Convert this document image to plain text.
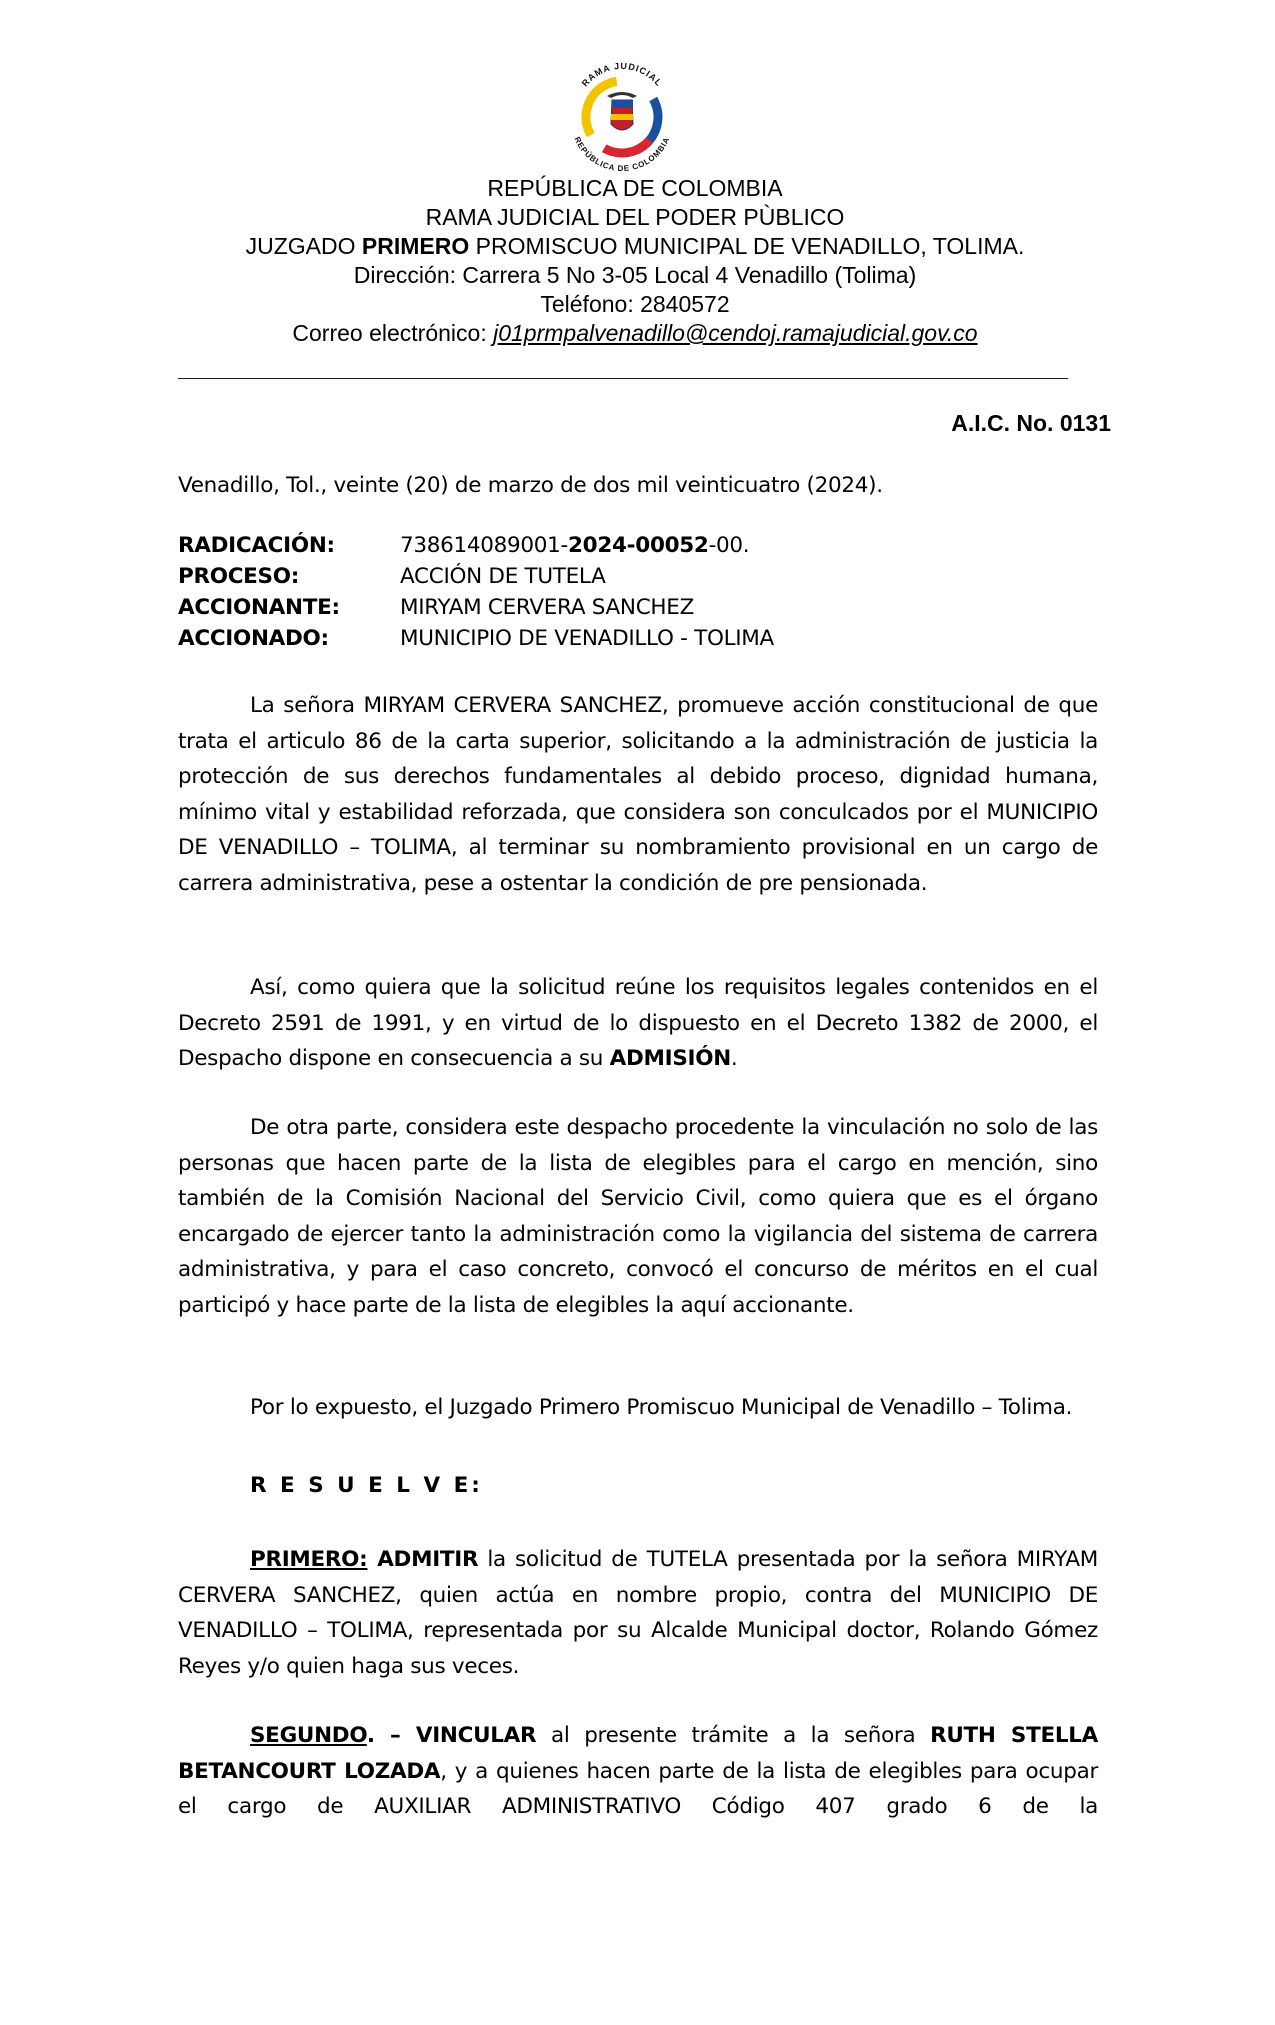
RAMA JUDICIAL
REPÚBLICA DE COLOMBIA
REPÚBLICA DE COLOMBIA
RAMA JUDICIAL DEL PODER PÙBLICO
JUZGADO PRIMERO PROMISCUO MUNICIPAL DE VENADILLO, TOLIMA.
Dirección: Carrera 5 No 3-05 Local 4 Venadillo (Tolima)
Teléfono: 2840572
Correo electrónico: j01prmpalvenadillo@cendoj.ramajudicial.gov.co
A.I.C. No. 0131
Venadillo, Tol., veinte (20) de marzo de dos mil veinticuatro (2024).
RADICACIÓN:	738614089001-2024-00052-00.
PROCESO:	ACCIÓN DE TUTELA
ACCIONANTE:	MIRYAM CERVERA SANCHEZ
ACCIONADO:	MUNICIPIO DE VENADILLO - TOLIMA
La señora MIRYAM CERVERA SANCHEZ, promueve acción constitucional de que trata el articulo 86 de la carta superior, solicitando a la administración de justicia la protección de sus derechos fundamentales al debido proceso, dignidad humana, mínimo vital y estabilidad reforzada, que considera son conculcados por el MUNICIPIO DE VENADILLO – TOLIMA, al terminar su nombramiento provisional en un cargo de carrera administrativa, pese a ostentar la condición de pre pensionada.
Así, como quiera que la solicitud reúne los requisitos legales contenidos en el Decreto 2591 de 1991, y en virtud de lo dispuesto en el Decreto 1382 de 2000, el Despacho dispone en consecuencia a su ADMISIÓN.
De otra parte, considera este despacho procedente la vinculación no solo de las personas que hacen parte de la lista de elegibles para el cargo en mención, sino también de la Comisión Nacional del Servicio Civil, como quiera que es el órgano encargado de ejercer tanto la administración como la vigilancia del sistema de carrera administrativa, y para el caso concreto, convocó el concurso de méritos en el cual participó y hace parte de la lista de elegibles la aquí accionante.
Por lo expuesto, el Juzgado Primero Promiscuo Municipal de Venadillo – Tolima.
R E S U E L V E:
PRIMERO: ADMITIR la solicitud de TUTELA presentada por la señora MIRYAM CERVERA SANCHEZ, quien actúa en nombre propio, contra del MUNICIPIO DE VENADILLO – TOLIMA, representada por su Alcalde Municipal doctor, Rolando Gómez Reyes y/o quien haga sus veces.
SEGUNDO. – VINCULAR al presente trámite a la señora RUTH STELLA BETANCOURT LOZADA, y a quienes hacen parte de la lista de elegibles para ocupar el cargo de AUXILIAR ADMINISTRATIVO Código 407 grado 6 de la
